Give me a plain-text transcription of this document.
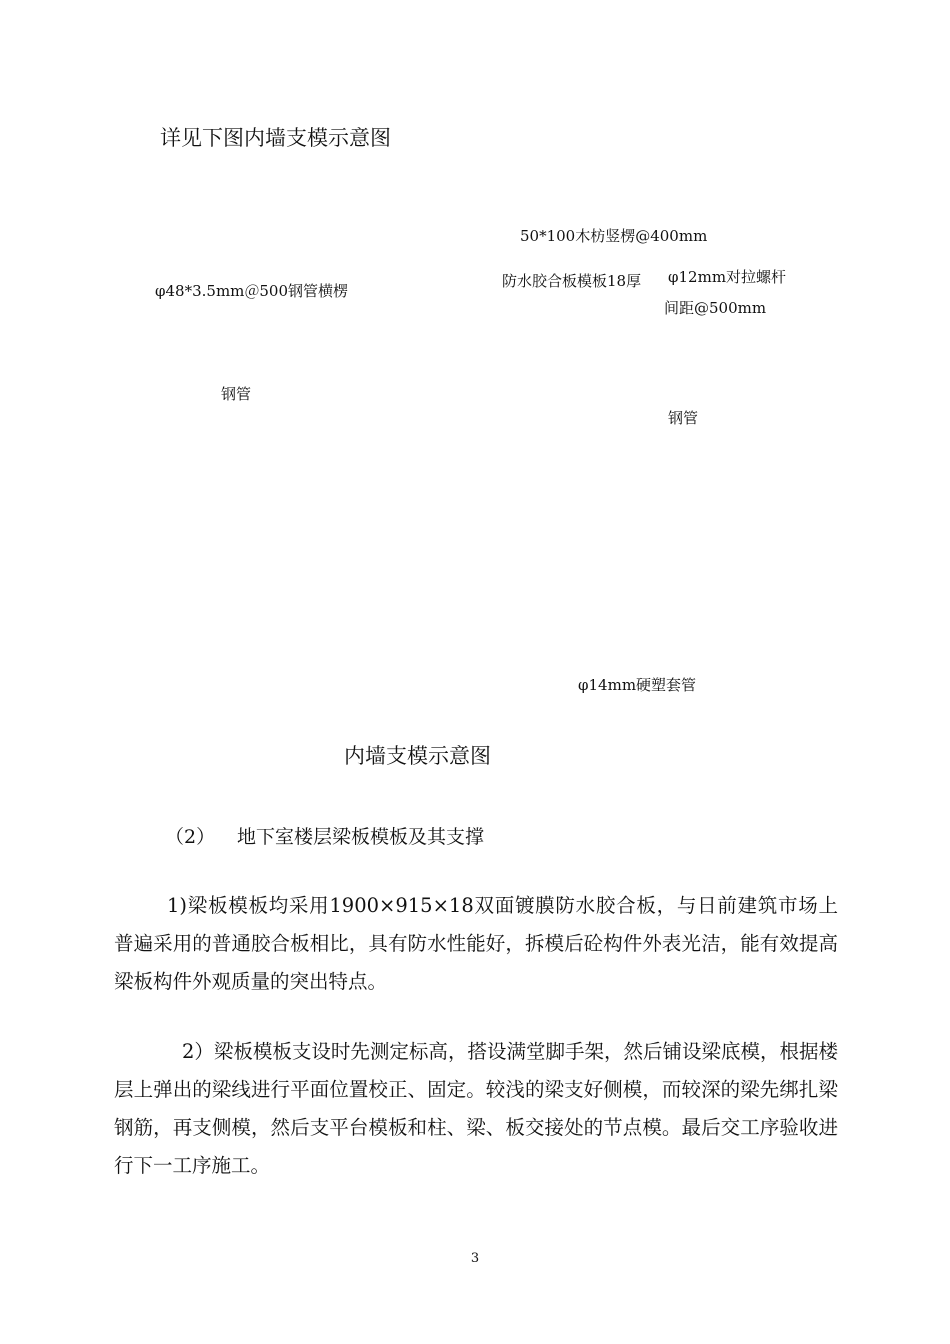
详见下图内墙支模示意图
50*100木枋竖楞@400mm
φ48*3.5mm＠500钢管横楞
防水胶合板模板18厚 φ12mm对拉螺杆
间距@500mm
钢管
钢管
φ14mm硬塑套管
内墙支模示意图
（2） 地下室楼层梁板模板及其支撑

1)梁板模板均采用1900×915×18双面镀膜防水胶合板，与日前建筑市场上普遍采用的普通胶合板相比，具有防水性能好，拆模后砼构件外表光洁，能有效提高梁板构件外观质量的突出特点。

2）梁板模板支设时先测定标高，搭设满堂脚手架，然后铺设梁底模，根据楼层上弹出的梁线进行平面位置校正、固定。较浅的梁支好侧模，而较深的梁先绑扎梁钢筋，再支侧模，然后支平台模板和柱、梁、板交接处的节点模。最后交工序验收进行下一工序施工。

3
